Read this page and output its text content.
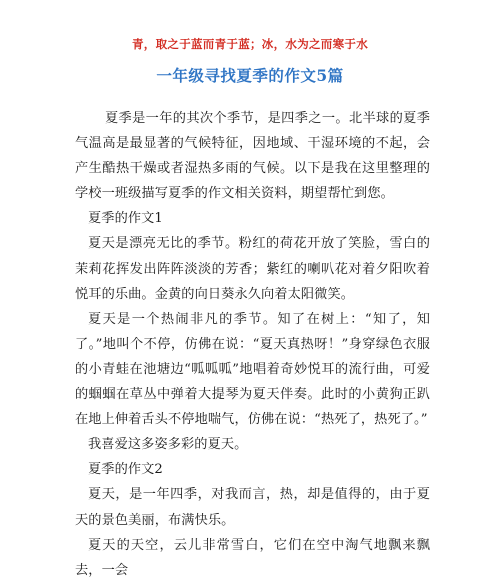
青，取之于蓝而青于蓝；冰，水为之而寒于水
一年级寻找夏季的作文5篇

夏季是一年的其次个季节，是四季之一。北半球的夏季气温高是最显著的气候特征，因地域、干湿环境的不起，会产生酷热干燥或者湿热多雨的气候。以下是我在这里整理的学校一班级描写夏季的作文相关资料，期望帮忙到您。

夏季的作文1

夏天是漂亮无比的季节。粉红的荷花开放了笑脸，雪白的茉莉花挥发出阵阵淡淡的芳香；紫红的喇叭花对着夕阳吹着悦耳的乐曲。金黄的向日葵永久向着太阳微笑。

夏天是一个热闹非凡的季节。知了在树上：“知了，知了。”地叫个不停，仿佛在说：“夏天真热呀！”身穿绿色衣服的小青蛙在池塘边“呱呱呱”地唱着奇妙悦耳的流行曲，可爱的蝈蝈在草丛中弹着大提琴为夏天伴奏。此时的小黄狗正趴在地上伸着舌头不停地喘气，仿佛在说：“热死了，热死了。”

我喜爱这多姿多彩的夏天。

夏季的作文2

夏天，是一年四季，对我而言，热，却是值得的，由于夏天的景色美丽，布满快乐。

夏天的天空，云儿非常雪白，它们在空中淘气地飘来飘去，一会
